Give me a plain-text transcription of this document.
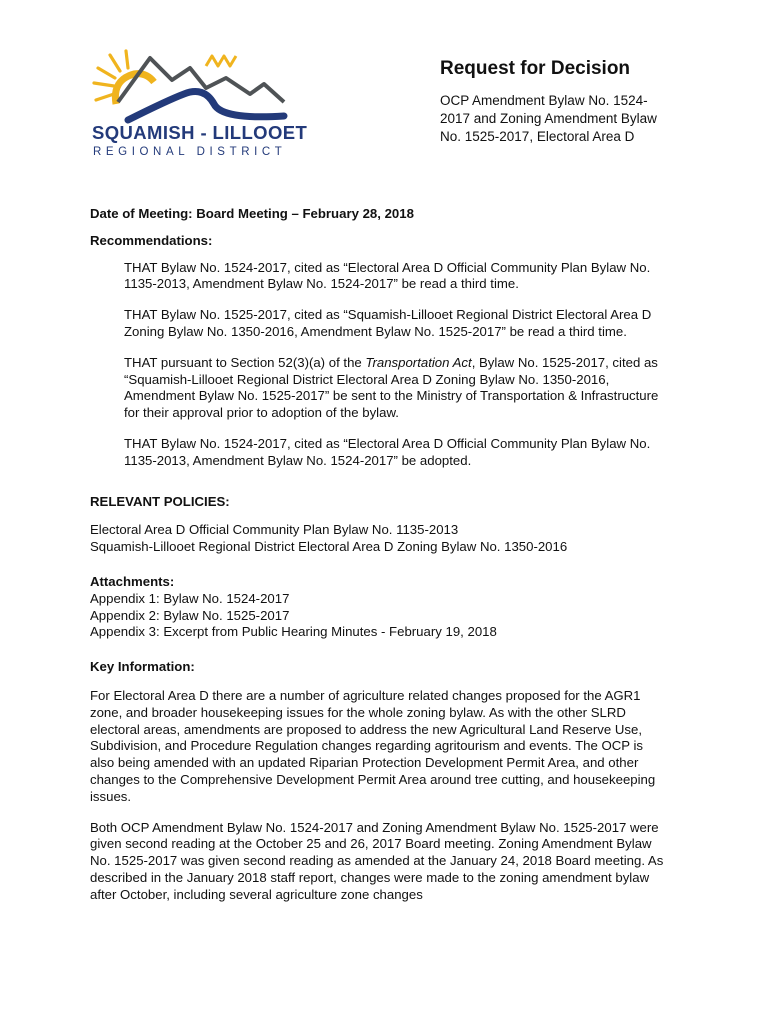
SQUAMISH - LILLOOET
REGIONAL DISTRICT
Request for Decision
OCP Amendment Bylaw No. 1524-
2017 and Zoning Amendment Bylaw
No. 1525-2017, Electoral Area D

Date of Meeting: Board Meeting – February 28, 2018

Recommendations:

THAT Bylaw No. 1524-2017, cited as “Electoral Area D Official Community Plan Bylaw No. 1135-2013, Amendment Bylaw No. 1524-2017” be read a third time.

THAT Bylaw No. 1525-2017, cited as “Squamish-Lillooet Regional District Electoral Area D Zoning Bylaw No. 1350-2016, Amendment Bylaw No. 1525-2017” be read a third time.

THAT pursuant to Section 52(3)(a) of the Transportation Act, Bylaw No. 1525-2017, cited as “Squamish-Lillooet Regional District Electoral Area D Zoning Bylaw No. 1350-2016, Amendment Bylaw No. 1525-2017” be sent to the Ministry of Transportation & Infrastructure for their approval prior to adoption of the bylaw.

THAT Bylaw No. 1524-2017, cited as “Electoral Area D Official Community Plan Bylaw No. 1135-2013, Amendment Bylaw No. 1524-2017” be adopted.

RELEVANT POLICIES:

Electoral Area D Official Community Plan Bylaw No. 1135-2013

Squamish-Lillooet Regional District Electoral Area D Zoning Bylaw No. 1350-2016

Attachments:

Appendix 1: Bylaw No. 1524-2017

Appendix 2: Bylaw No. 1525-2017

Appendix 3: Excerpt from Public Hearing Minutes - February 19, 2018

Key Information:

For Electoral Area D there are a number of agriculture related changes proposed for the AGR1 zone, and broader housekeeping issues for the whole zoning bylaw. As with the other SLRD electoral areas, amendments are proposed to address the new Agricultural Land Reserve Use, Subdivision, and Procedure Regulation changes regarding agritourism and events. The OCP is also being amended with an updated Riparian Protection Development Permit Area, and other changes to the Comprehensive Development Permit Area around tree cutting, and housekeeping issues.

Both OCP Amendment Bylaw No. 1524-2017 and Zoning Amendment Bylaw No. 1525-2017 were given second reading at the October 25 and 26, 2017 Board meeting. Zoning Amendment Bylaw No. 1525-2017 was given second reading as amended at the January 24, 2018 Board meeting. As described in the January 2018 staff report, changes were made to the zoning amendment bylaw after October, including several agriculture zone changes
